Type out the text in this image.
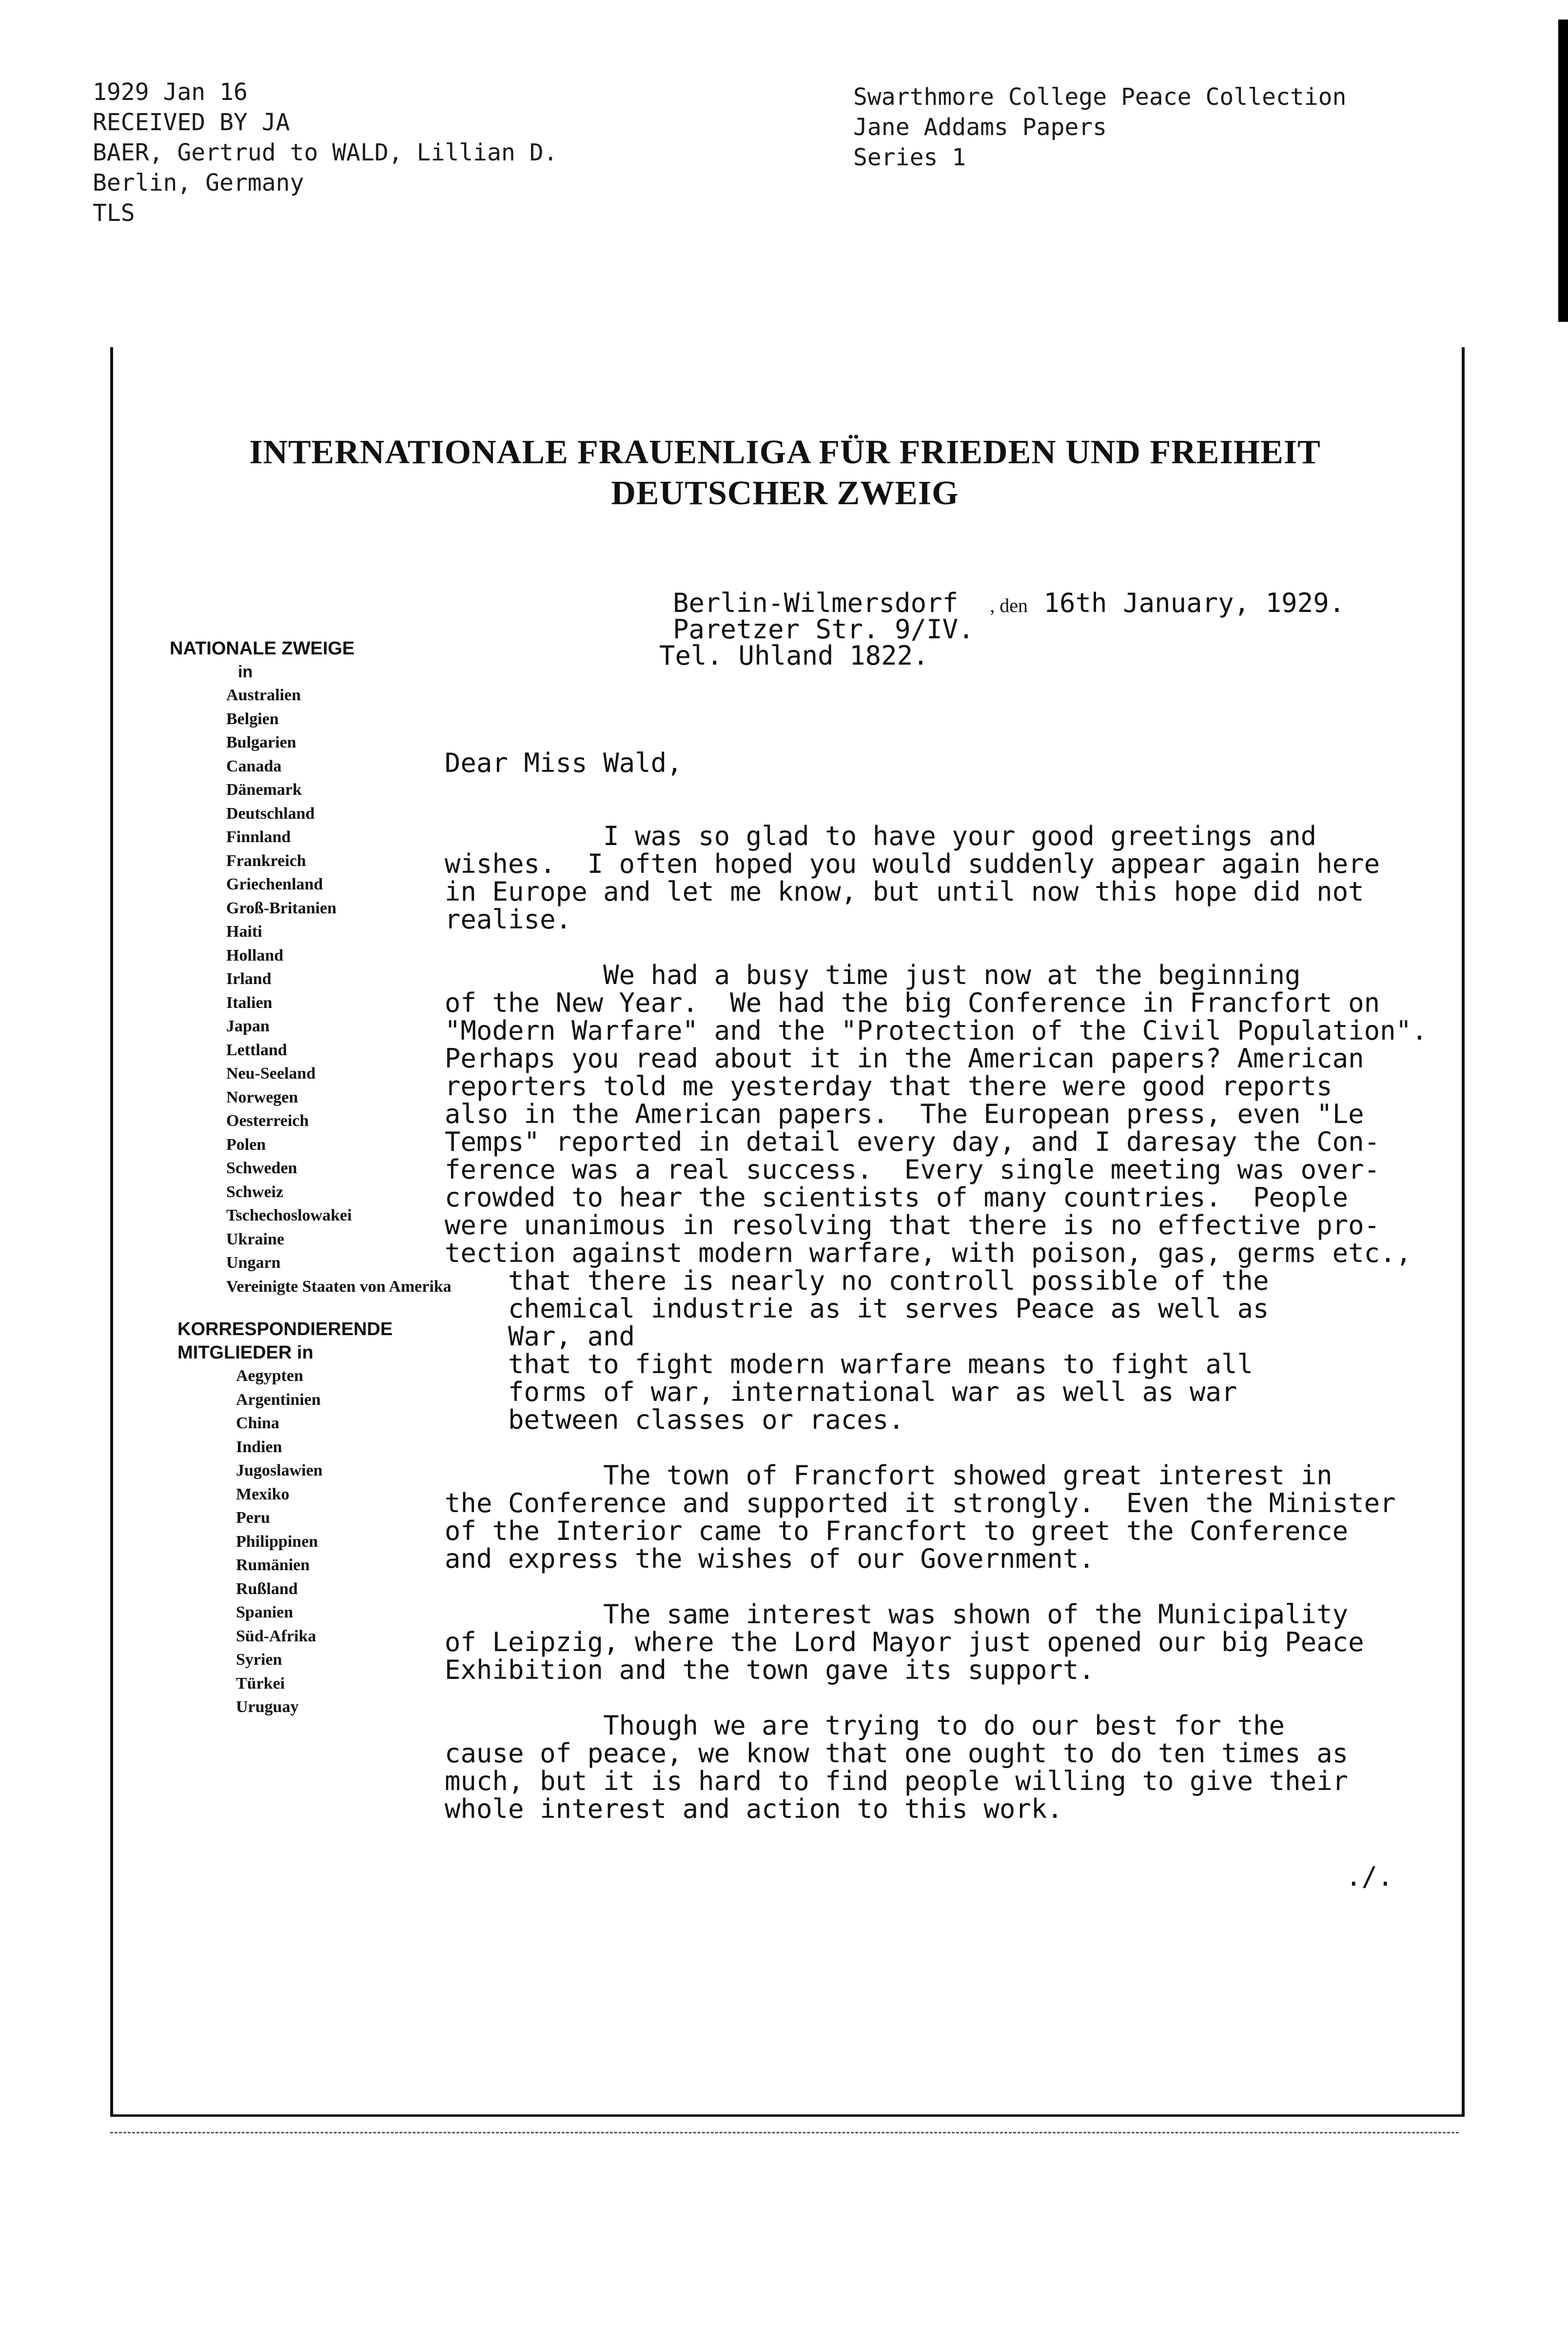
1929 Jan 16
RECEIVED BY JA
BAER, Gertrud to WALD, Lillian D.
Berlin, Germany
TLS
Swarthmore College Peace Collection
Jane Addams Papers
Series 1
INTERNATIONALE FRAUENLIGA FÜR FRIEDEN UND FREIHEIT
DEUTSCHER ZWEIG
Berlin-Wilmersdorf , den 16th January, 1929.
Paretzer Str. 9/IV.
Tel. Uhland 1822.
NATIONALE ZWEIGE
in
Australien
Belgien
Bulgarien
Canada
Dänemark
Deutschland
Finnland
Frankreich
Griechenland
Groß-Britanien
Haiti
Holland
Irland
Italien
Japan
Lettland
Neu-Seeland
Norwegen
Oesterreich
Polen
Schweden
Schweiz
Tschechoslowakei
Ukraine
Ungarn
Vereinigte Staaten von Amerika
KORRESPONDIERENDE
MITGLIEDER in
Aegypten
Argentinien
China
Indien
Jugoslawien
Mexiko
Peru
Philippinen
Rumänien
Rußland
Spanien
Süd-Afrika
Syrien
Türkei
Uruguay
Dear Miss Wald,
I was so glad to have your good greetings and
wishes.  I often hoped you would suddenly appear again here
in Europe and let me know, but until now this hope did not
realise.
We had a busy time just now at the beginning
of the New Year.  We had the big Conference in Francfort on
"Modern Warfare" and the "Protection of the Civil Population".
Perhaps you read about it in the American papers? American
reporters told me yesterday that there were good reports
also in the American papers.  The European press, even "Le
Temps" reported in detail every day, and I daresay the Con-
ference was a real success.  Every single meeting was over-
crowded to hear the scientists of many countries.  People
were unanimous in resolving that there is no effective pro-
tection against modern warfare, with poison, gas, germs etc.,
that there is nearly no controll possible of the
chemical industrie as it serves Peace as well as
War, and
that to fight modern warfare means to fight all
forms of war, international war as well as war
between classes or races.
The town of Francfort showed great interest in
the Conference and supported it strongly.  Even the Minister
of the Interior came to Francfort to greet the Conference
and express the wishes of our Government.
The same interest was shown of the Municipality
of Leipzig, where the Lord Mayor just opened our big Peace
Exhibition and the town gave its support.
Though we are trying to do our best for the
cause of peace, we know that one ought to do ten times as
much, but it is hard to find people willing to give their
whole interest and action to this work.
./.
